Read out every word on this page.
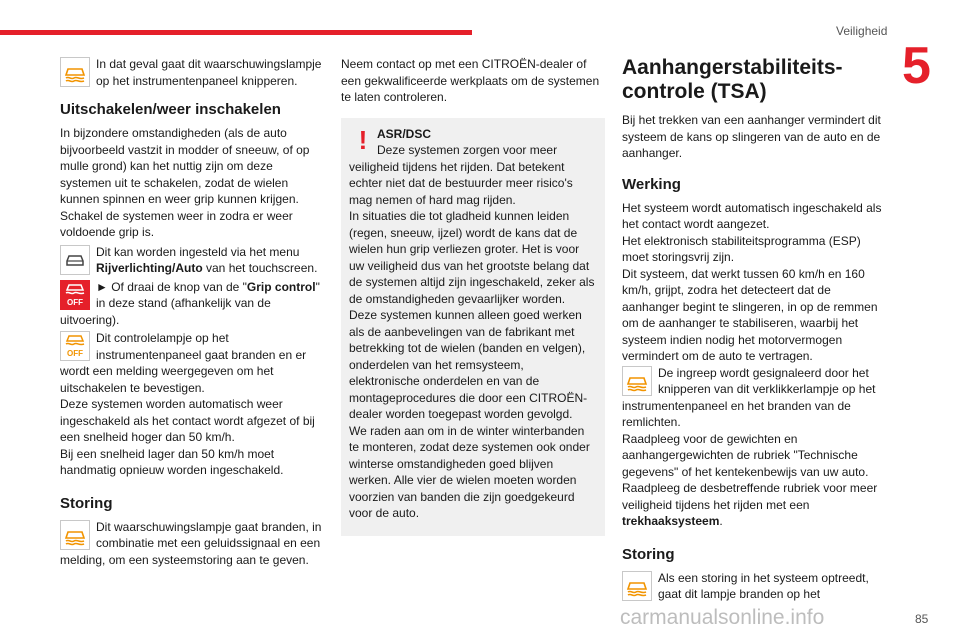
Veiligheid
5

In dat geval gaat dit waarschuwingslampje op het instrumentenpaneel knipperen.

Uitschakelen/weer inschakelen

In bijzondere omstandigheden (als de auto bijvoorbeeld vastzit in modder of sneeuw, of op mulle grond) kan het nuttig zijn om deze systemen uit te schakelen, zodat de wielen kunnen spinnen en weer grip kunnen krijgen. Schakel de systemen weer in zodra er weer voldoende grip is.

Dit kan worden ingesteld via het menu Rijverlichting/Auto van het touchscreen.

OFF

► Of draai de knop van de "Grip control" in deze stand (afhankelijk van de uitvoering).

OFF

Dit controlelampje op het instrumentenpaneel gaat branden en er wordt een melding weergegeven om het uitschakelen te bevestigen.

Deze systemen worden automatisch weer ingeschakeld als het contact wordt afgezet of bij een snelheid hoger dan 50 km/h.

Bij een snelheid lager dan 50 km/h moet handmatig opnieuw worden ingeschakeld.

Storing

Dit waarschuwingslampje gaat branden, in combinatie met een geluidssignaal en een melding, om een systeemstoring aan te geven.

Neem contact op met een CITROËN-dealer of een gekwalificeerde werkplaats om de systemen te laten controleren.

! ASR/DSC

Deze systemen zorgen voor meer veiligheid tijdens het rijden. Dat betekent echter niet dat de bestuurder meer risico's mag nemen of hard mag rijden.

In situaties die tot gladheid kunnen leiden (regen, sneeuw, ijzel) wordt de kans dat de wielen hun grip verliezen groter. Het is voor uw veiligheid dus van het grootste belang dat de systemen altijd zijn ingeschakeld, zeker als de omstandigheden gevaarlijker worden.

Deze systemen kunnen alleen goed werken als de aanbevelingen van de fabrikant met betrekking tot de wielen (banden en velgen), onderdelen van het remsysteem, elektronische onderdelen en van de montageprocedures die door een CITROËN-dealer worden toegepast worden gevolgd.

We raden aan om in de winter winterbanden te monteren, zodat deze systemen ook onder winterse omstandigheden goed blijven werken. Alle vier de wielen moeten worden voorzien van banden die zijn goedgekeurd voor de auto.

Aanhangerstabiliteits-controle (TSA)

Bij het trekken van een aanhanger vermindert dit systeem de kans op slingeren van de auto en de aanhanger.

Werking

Het systeem wordt automatisch ingeschakeld als het contact wordt aangezet.

Het elektronisch stabiliteitsprogramma (ESP) moet storingsvrij zijn.

Dit systeem, dat werkt tussen 60 km/h en 160 km/h, grijpt, zodra het detecteert dat de aanhanger begint te slingeren, in op de remmen om de aanhanger te stabiliseren, waarbij het systeem indien nodig het motorvermogen vermindert om de auto te vertragen.

De ingreep wordt gesignaleerd door het knipperen van dit verklikkerlampje op het instrumentenpaneel en het branden van de remlichten.

Raadpleeg voor de gewichten en aanhangergewichten de rubriek "Technische gegevens" of het kentekenbewijs van uw auto.

Raadpleeg de desbetreffende rubriek voor meer veiligheid tijdens het rijden met een trekhaaksysteem.

Storing

Als een storing in het systeem optreedt, gaat dit lampje branden op het

carmanualsonline.info	85
